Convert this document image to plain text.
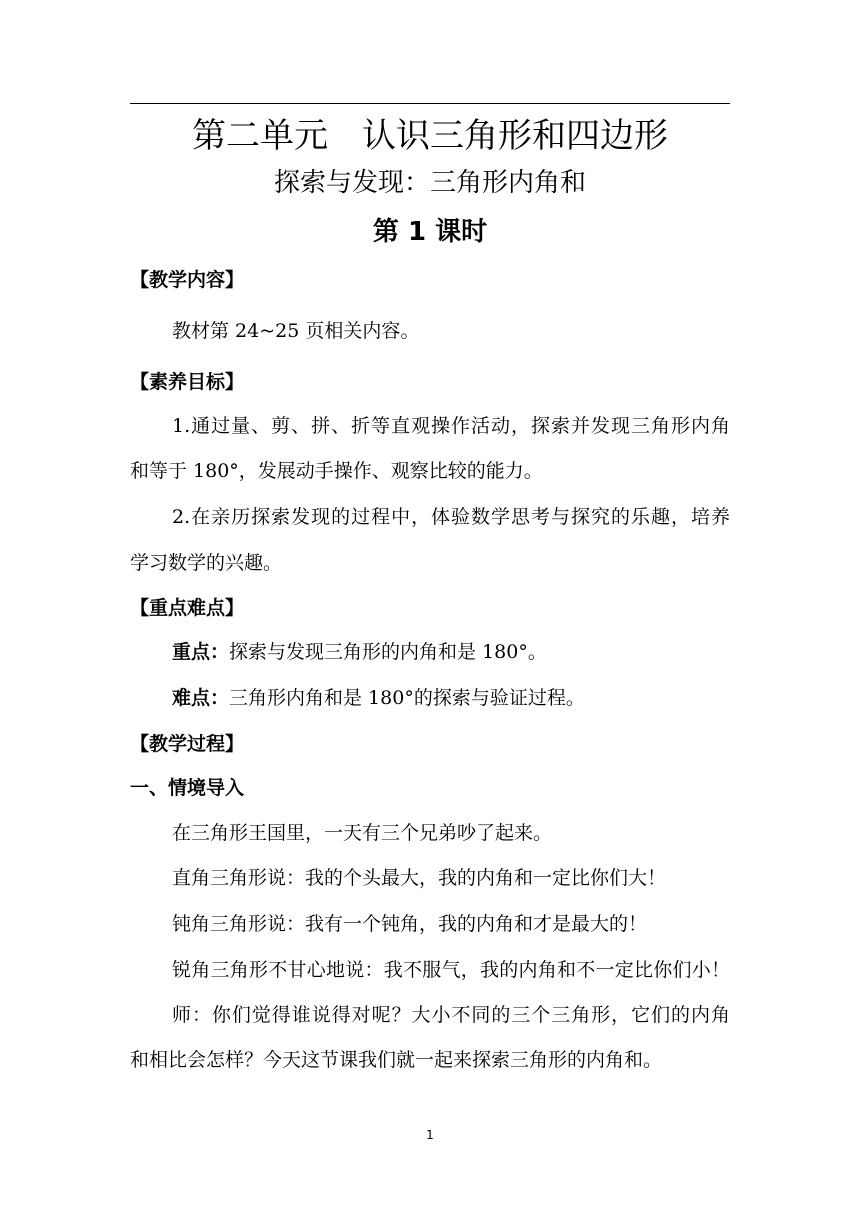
第二单元　认识三角形和四边形
探索与发现：三角形内角和
第 1 课时
【教学内容】
教材第 24~25 页相关内容。
【素养目标】
1.通过量、剪、拼、折等直观操作活动，探索并发现三角形内角
和等于 180°，发展动手操作、观察比较的能力。
2.在亲历探索发现的过程中，体验数学思考与探究的乐趣，培养
学习数学的兴趣。
【重点难点】
重点：探索与发现三角形的内角和是 180°。
难点：三角形内角和是 180°的探索与验证过程。
【教学过程】
一、情境导入
在三角形王国里，一天有三个兄弟吵了起来。
直角三角形说：我的个头最大，我的内角和一定比你们大！
钝角三角形说：我有一个钝角，我的内角和才是最大的！
锐角三角形不甘心地说：我不服气，我的内角和不一定比你们小！
师：你们觉得谁说得对呢？大小不同的三个三角形，它们的内角
和相比会怎样？今天这节课我们就一起来探索三角形的内角和。
1
